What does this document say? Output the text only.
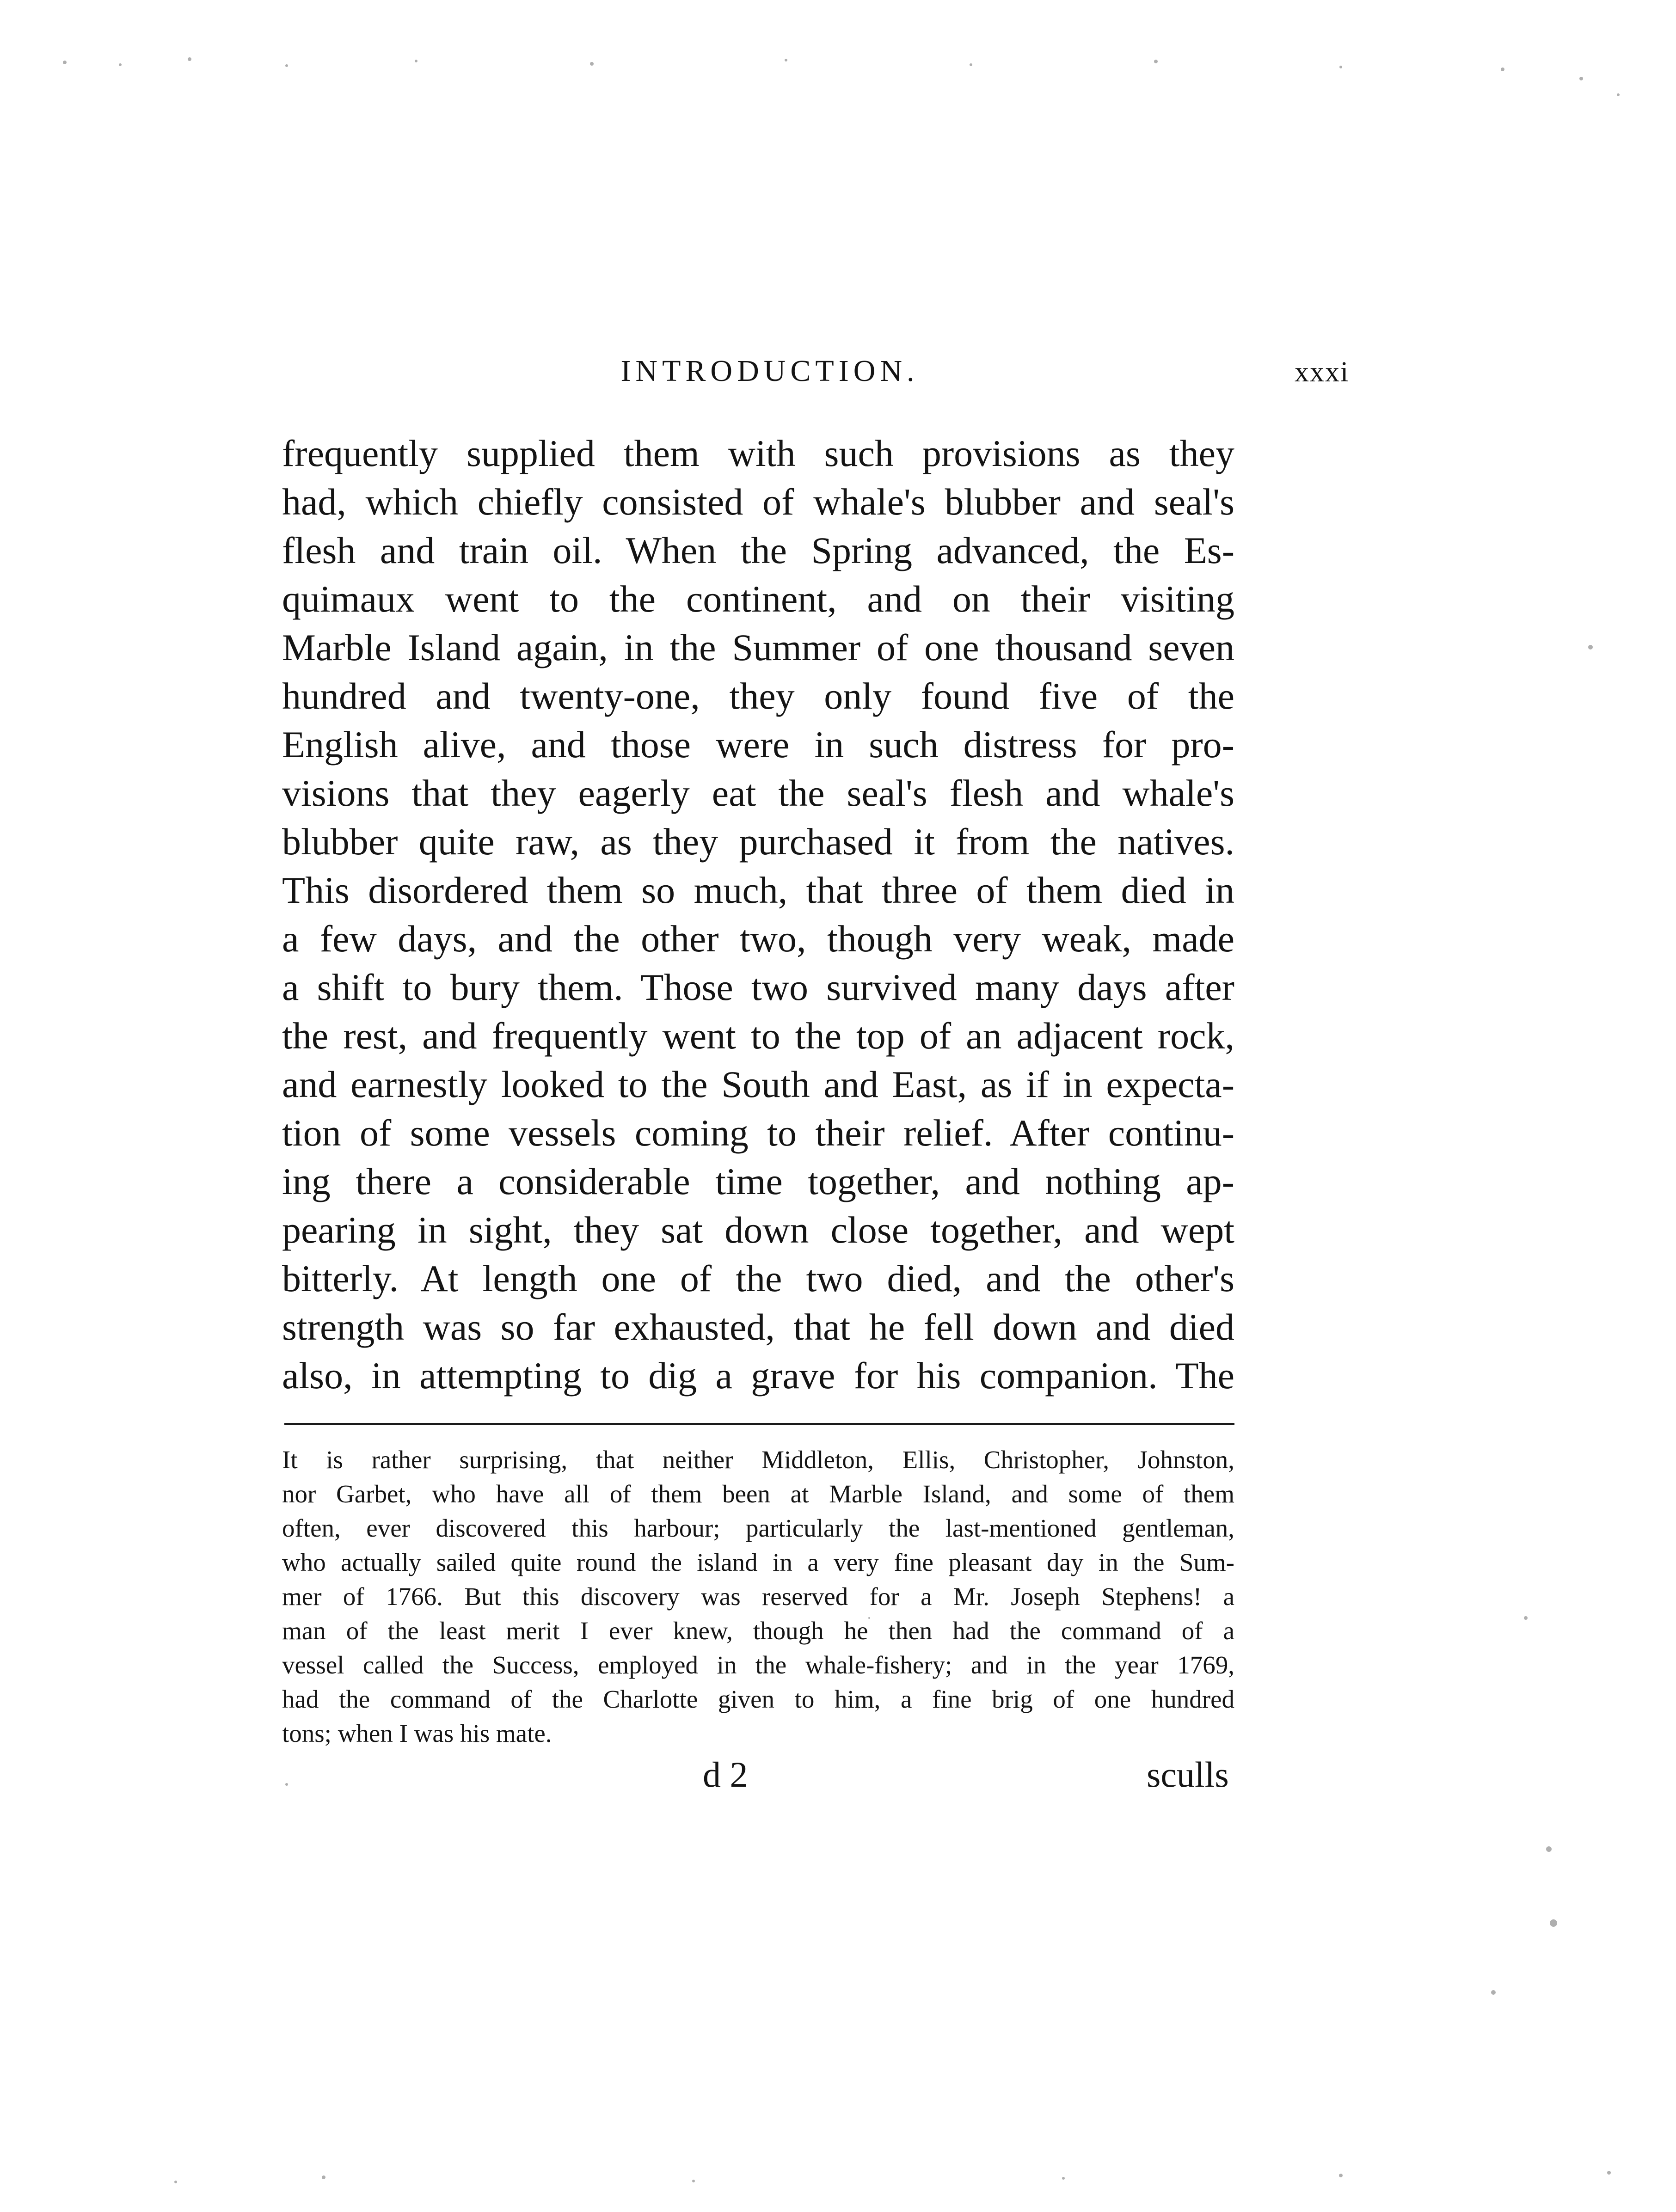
INTRODUCTION.	xxxi
frequently supplied them with such provisions as they
had, which chiefly consisted of whale's blubber and seal's
flesh and train oil. When the Spring advanced, the Es-
quimaux went to the continent, and on their visiting
Marble Island again, in the Summer of one thousand seven
hundred and twenty-one, they only found five of the
English alive, and those were in such distress for pro-
visions that they eagerly eat the seal's flesh and whale's
blubber quite raw, as they purchased it from the natives.
This disordered them so much, that three of them died in
a few days, and the other two, though very weak, made
a shift to bury them. Those two survived many days after
the rest, and frequently went to the top of an adjacent rock,
and earnestly looked to the South and East, as if in expecta-
tion of some vessels coming to their relief. After continu-
ing there a considerable time together, and nothing ap-
pearing in sight, they sat down close together, and wept
bitterly. At length one of the two died, and the other's
strength was so far exhausted, that he fell down and died
also, in attempting to dig a grave for his companion. The
It is rather surprising, that neither Middleton, Ellis, Christopher, Johnston,
nor Garbet, who have all of them been at Marble Island, and some of them
often, ever discovered this harbour; particularly the last-mentioned gentleman,
who actually sailed quite round the island in a very fine pleasant day in the Sum-
mer of 1766. But this discovery was reserved for a Mr. Joseph Stephens! a
man of the least merit I ever knew, though he then had the command of a
vessel called the Success, employed in the whale-fishery; and in the year 1769,
had the command of the Charlotte given to him, a fine brig of one hundred
tons; when I was his mate.
d 2	sculls
